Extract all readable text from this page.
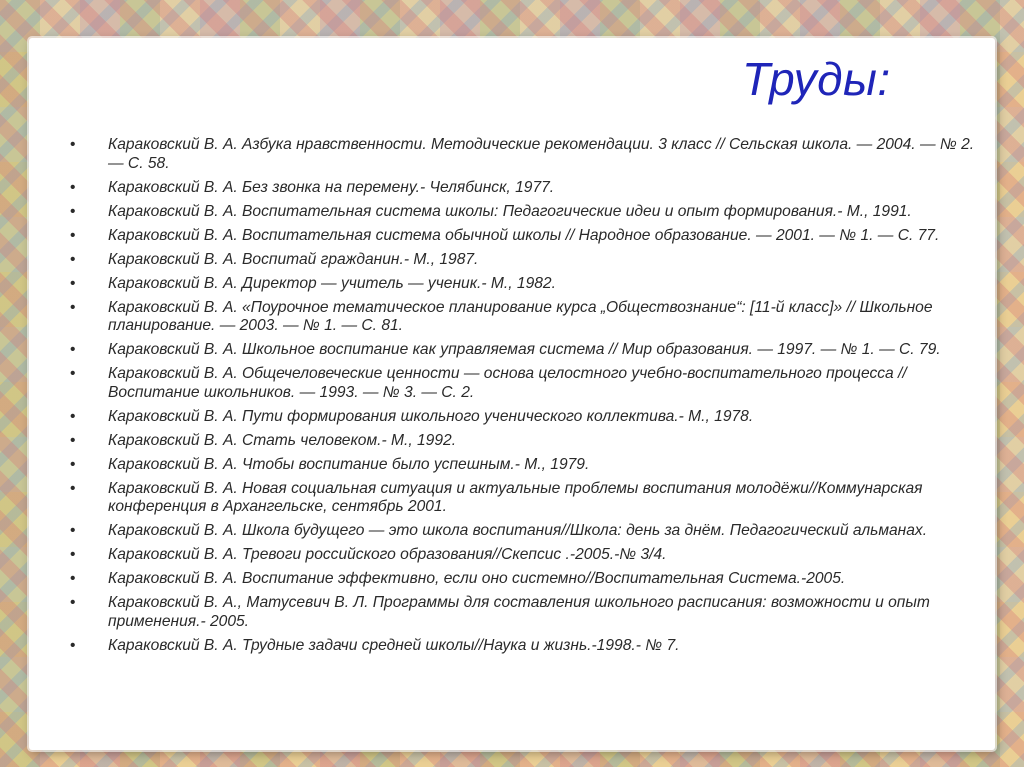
Труды:
• Караковский В. А. Азбука нравственности. Методические рекомендации. 3 класс // Сельская школа. — 2004. — № 2. — С. 58.
• Караковский В. А. Без звонка на перемену.- Челябинск, 1977.
• Караковский В. А. Воспитательная система школы: Педагогические идеи и опыт формирования.- М., 1991.
• Караковский В. А. Воспитательная система обычной школы // Народное образование. — 2001. — № 1. — С. 77.
• Караковский В. А. Воспитай гражданин.- М., 1987.
• Караковский В. А. Директор — учитель — ученик.- М., 1982.
• Караковский В. А. «Поурочное тематическое планирование курса „Обществознание“: [11-й класс]» // Школьное планирование. — 2003. — № 1. — С. 81.
• Караковский В. А. Школьное воспитание как управляемая система // Мир образования. — 1997. — № 1. — С. 79.
• Караковский В. А. Общечеловеческие ценности — основа целостного учебно-воспитательного процесса // Воспитание школьников. — 1993. — № 3. — С. 2.
• Караковский В. А. Пути формирования школьного ученического коллектива.- М., 1978.
• Караковский В. А. Стать человеком.- М., 1992.
• Караковский В. А. Чтобы воспитание было успешным.- М., 1979.
• Караковский В. А. Новая социальная ситуация и актуальные проблемы воспитания молодёжи//Коммунарская конференция в Архангельске, сентябрь 2001.
• Караковский В. А. Школа будущего — это школа воспитания//Школа: день за днём. Педагогический альманах.
• Караковский В. А. Тревоги российского образования//Скепсис .-2005.-№ 3/4.
• Караковский В. А. Воспитание эффективно, если оно системно//Воспитательная Система.-2005.
• Караковский В. А., Матусевич В. Л. Программы для составления школьного расписания: возможности и опыт применения.- 2005.
• Караковский В. А. Трудные задачи средней школы//Наука и жизнь.-1998.- № 7.
